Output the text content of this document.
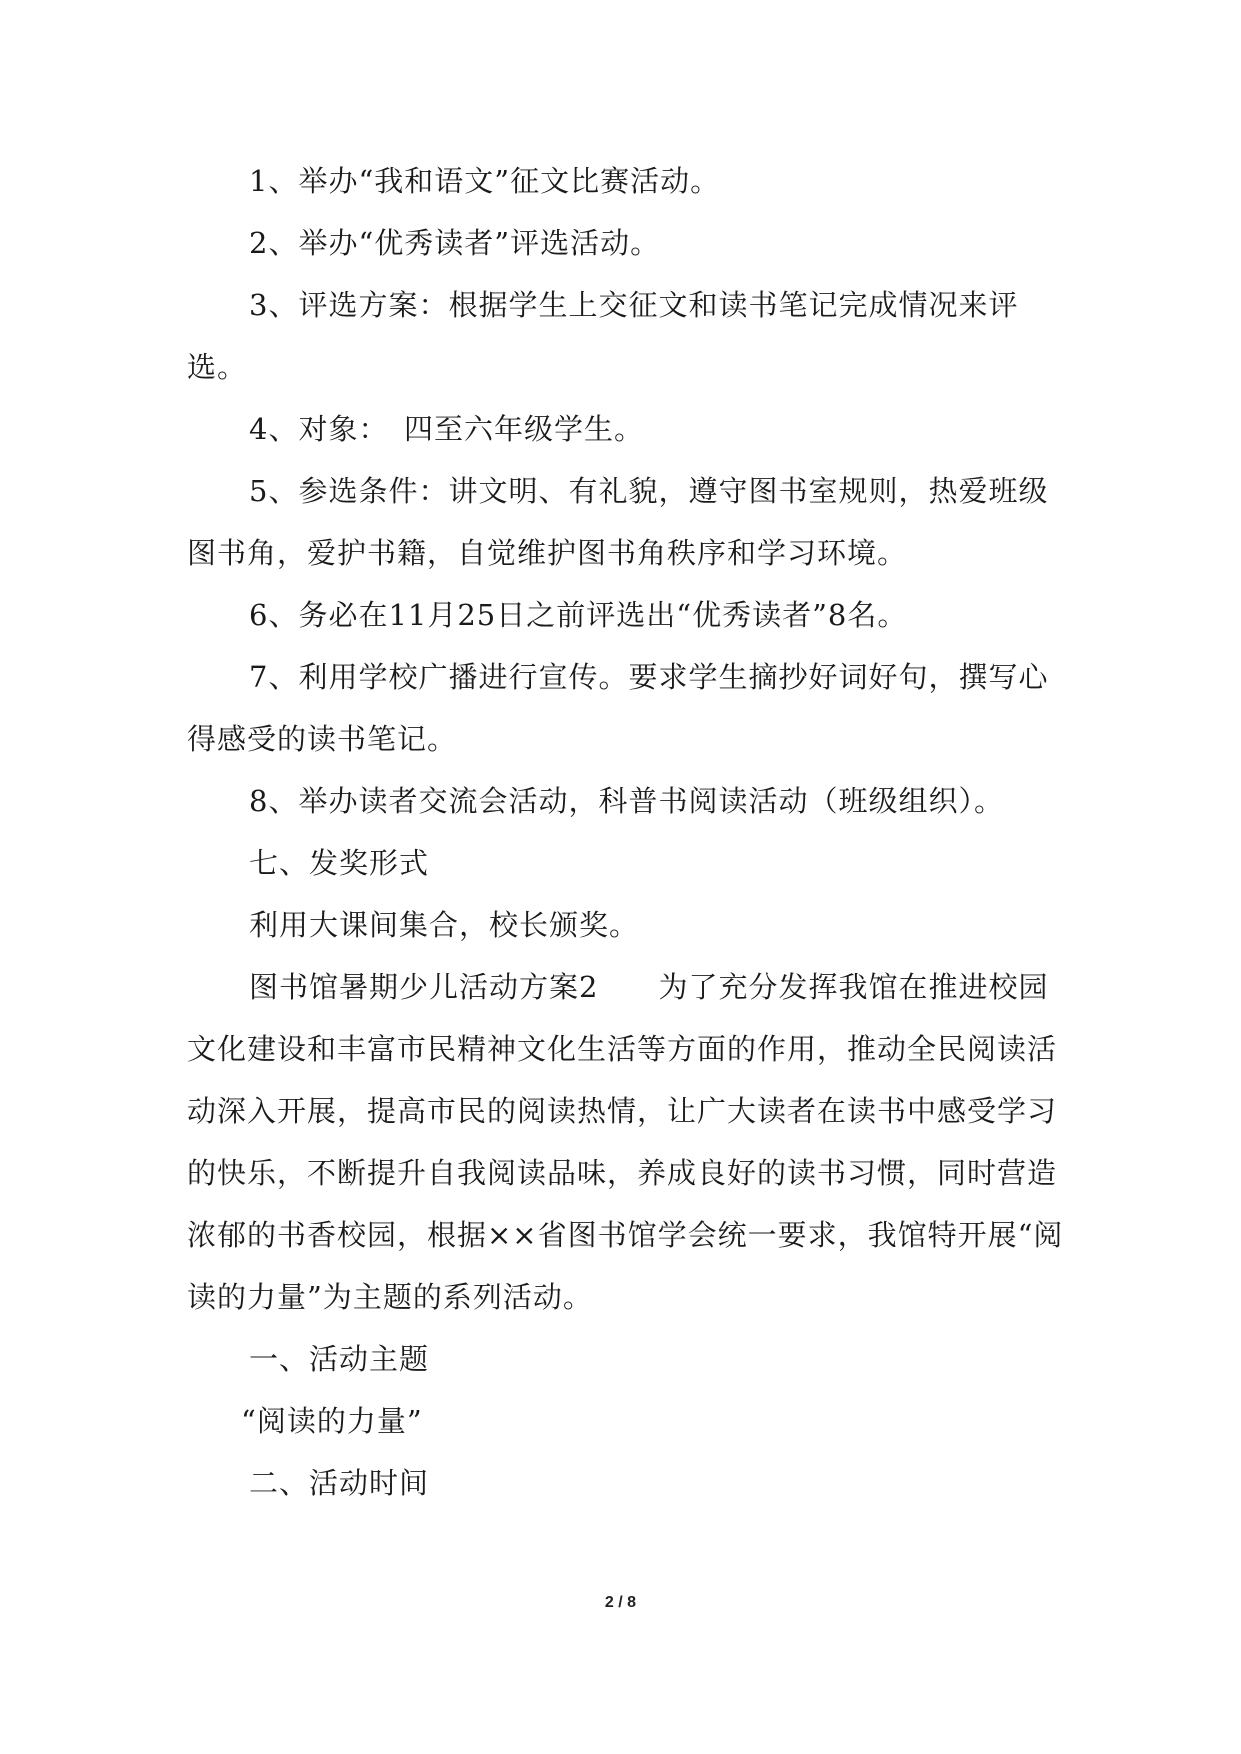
1、举办“我和语文”征文比赛活动。

2、举办“优秀读者”评选活动。

3、评选方案：根据学生上交征文和读书笔记完成情况来评选。

4、对象：　四至六年级学生。

5、参选条件：讲文明、有礼貌，遵守图书室规则，热爱班级图书角，爱护书籍，自觉维护图书角秩序和学习环境。

6、务必在11月25日之前评选出“优秀读者”8名。

7、利用学校广播进行宣传。要求学生摘抄好词好句，撰写心得感受的读书笔记。

8、举办读者交流会活动，科普书阅读活动（班级组织）。

七、发奖形式

利用大课间集合，校长颁奖。

图书馆暑期少儿活动方案2　　为了充分发挥我馆在推进校园文化建设和丰富市民精神文化生活等方面的作用，推动全民阅读活动深入开展，提高市民的阅读热情，让广大读者在读书中感受学习的快乐，不断提升自我阅读品味，养成良好的读书习惯，同时营造浓郁的书香校园，根据××省图书馆学会统一要求，我馆特开展“阅读的力量”为主题的系列活动。

一、活动主题

“阅读的力量”

二、活动时间

2 / 8
